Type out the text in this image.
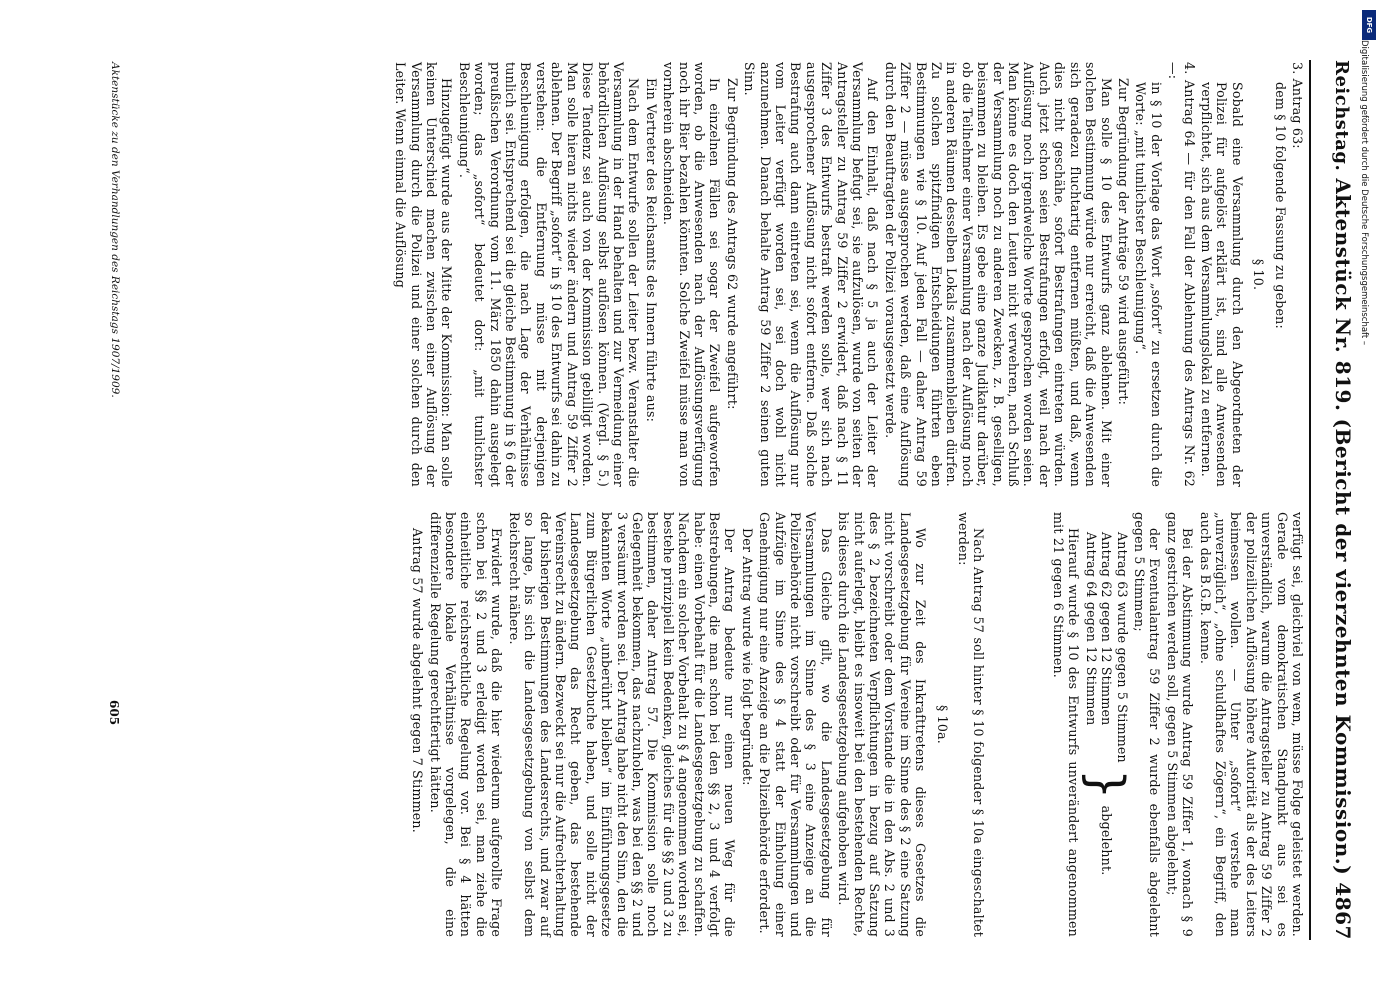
Reichstag.
Aktenstück Nr. 819.
(Bericht der vierzehnten Kommission.)
4867

3. Antrag 63:

dem § 10 folgende Fassung zu geben:

§ 10.

Sobald eine Versammlung durch den Abgeordneten der Polizei für aufgelöst erklärt ist, sind alle Anwesenden verpflichtet, sich aus dem Versammlungslokal zu entfernen.

4. Antrag 64 — für den Fall der Ablehnung des Antrags Nr. 62 —:

in § 10 der Vorlage das Wort „sofort“ zu ersetzen durch die Worte: „mit tunlichster Beschleunigung“.

Zur Begründung der Anträge 59 wird ausgeführt:

Man solle § 10 des Entwurfs ganz ablehnen. Mit einer solchen Bestimmung würde nur erreicht, daß die Anwesenden sich geradezu fluchtartig entfernen müßten, und daß, wenn dies nicht geschähe, sofort Bestrafungen eintreten würden. Auch jetzt schon seien Bestrafungen erfolgt, weil nach der Auflösung noch irgendwelche Worte gesprochen worden seien. Man könne es doch den Leuten nicht verwehren, nach Schluß der Versammlung noch zu anderen Zwecken, z. B. geselligen, beisammen zu bleiben. Es gebe eine ganze Judikatur darüber, ob die Teilnehmer einer Versammlung nach der Auflösung noch in anderen Räumen desselben Lokals zusammenbleiben dürfen. Zu solchen spitzfindigen Entscheidungen führten eben Bestimmungen wie § 10. Auf jeden Fall — daher Antrag 59 Ziffer 2 — müsse ausgesprochen werden, daß eine Auflösung durch den Beauftragten der Polizei vorausgesetzt werde.

Auf den Einhalt, daß nach § 5 ja auch der Leiter der Versammlung befugt sei, sie aufzulösen, wurde von seiten der Antragsteller zu Antrag 59 Ziffer 2 erwidert, daß nach § 11 Ziffer 3 des Entwurfs bestraft werden solle, wer sich nach ausgesprochener Auflösung nicht sofort entferne. Daß solche Bestrafung auch dann eintreten sei, wenn die Auflösung nur vom Leiter verfügt worden sei, sei doch wohl nicht anzunehmen. Danach behalte Antrag 59 Ziffer 2 seinen guten Sinn.

Zur Begründung des Antrags 62 wurde angeführt:

In einzelnen Fällen sei sogar der Zweifel aufgeworfen worden, ob die Anwesenden nach der Auflösungsverfügung noch ihr Bier bezahlen könnten. Solche Zweifel müsse man von vornherein abschneiden.

Ein Vertreter des Reichsamts des Innern führte aus:

Nach dem Entwurfe sollen der Leiter bezw. Veranstalter die Versammlung in der Hand behalten und zur Vermeidung einer behördlichen Auflösung selbst auflösen können. (Vergl. § 5.) Diese Tendenz sei auch von der Kommission gebilligt worden. Man solle hieran nichts wieder ändern und Antrag 59 Ziffer 2 ablehnen. Der Begriff „sofort“ in § 10 des Entwurfs sei dahin zu verstehen: die Entfernung müsse mit derjenigen Beschleunigung erfolgen, die nach Lage der Verhältnisse tunlich sei. Entsprechend sei die gleiche Bestimmung in § 6 der preußischen Verordnung vom 11. März 1850 dahin ausgelegt worden; das „sofort“ bedeutet dort: „mit tunlichster Beschleunigung“.

Hinzugefügt wurde aus der Mitte der Kommission: Man solle keinen Unterschied machen zwischen einer Auflösung der Versammlung durch die Polizei und einer solchen durch den Leiter. Wenn einmal die Auflösung

verfügt sei, gleichviel von wem, müsse Folge geleistet werden. Gerade vom demokratischen Standpunkt aus sei es unverständlich, warum die Antragsteller zu Antrag 59 Ziffer 2 der polizeilichen Auflösung höhere Autorität als der des Leiters beimessen wollen. — Unter „sofort“ verstehe man „unverzüglich“, „ohne schuldhaftes Zögern“, ein Begriff, den auch das B.G.B. kenne.

Bei der Abstimmung wurde Antrag 59 Ziffer 1, wonach § 9 ganz gestrichen werden soll, gegen 5 Stimmen abgelehnt;

der Eventualantrag 59 Ziffer 2 wurde ebenfalls abgelehnt gegen 5 Stimmen;

Antrag 63 wurde gegen 5 Stimmen

Antrag 62 gegen 12 Stimmen

Antrag 64 gegen 12 Stimmen

}
abgelehnt.

Hierauf wurde § 10 des Entwurfs unverändert angenommen mit 21 gegen 6 Stimmen.

Nach Antrag 57 soll hinter § 10 folgender § 10a eingeschaltet werden:

§ 10a.

Wo zur Zeit des Inkrafttretens dieses Gesetzes die Landesgesetzgebung für Vereine im Sinne des § 2 eine Satzung nicht vorschreibt oder dem Vorstande die in den Abs. 2 und 3 des § 2 bezeichneten Verpflichtungen in bezug auf Satzung nicht auferlegt, bleibt es insoweit bei den bestehenden Rechte, bis dieses durch die Landesgesetzgebung aufgehoben wird.

Das Gleiche gilt, wo die Landesgesetzgebung für Versammlungen im Sinne des § 3 eine Anzeige an die Polizeibehörde nicht vorschreibt oder für Versammlungen und Aufzüge im Sinne des § 4 statt der Einholung einer Genehmigung nur eine Anzeige an die Polizeibehörde erfordert.

Der Antrag wurde wie folgt begründet:

Der Antrag bedeute nur einen neuen Weg für die Bestrebungen, die man schon bei den §§ 2, 3 und 4 verfolgt habe: einen Vorbehalt für die Landesgesetzgebung zu schaffen. Nachdem ein solcher Vorbehalt zu § 4 angenommen worden sei, bestehe prinzipiell kein Bedenken, gleiches für die §§ 2 und 3 zu bestimmen, daher Antrag 57. Die Kommission solle noch Gelegenheit bekommen, das nachzuholen, was bei den §§ 2 und 3 versäumt worden sei. Der Antrag habe nicht den Sinn, den die bekannten Worte „unberührt bleiben“ im Einführungsgesetze zum Bürgerlichen Gesetzbuche haben, und solle nicht der Landesgesetzgebung das Recht geben, das bestehende Vereinsrecht zu ändern. Bezweckt sei nur die Aufrechterhaltung der bisherigen Bestimmungen des Landesrechts, und zwar auf so lange, bis sich die Landesgesetzgebung von selbst dem Reichsrecht nähere.

Erwidert wurde, daß die hier wiederum aufgerollte Frage schon bei §§ 2 und 3 erledigt worden sei, man ziehe die einheitliche reichsrechtliche Regelung vor. Bei § 4 hätten besondere lokale Verhältnisse vorgelegen, die eine differenzielle Regelung gerechtfertigt hätten.

Antrag 57 wurde abgelehnt gegen 7 Stimmen.

Aktenstücke zu den Verhandlungen des Reichstags 1907/1909.
605
DFG
Digitalisierung gefördert durch die Deutsche Forschungsgemeinschaft –
